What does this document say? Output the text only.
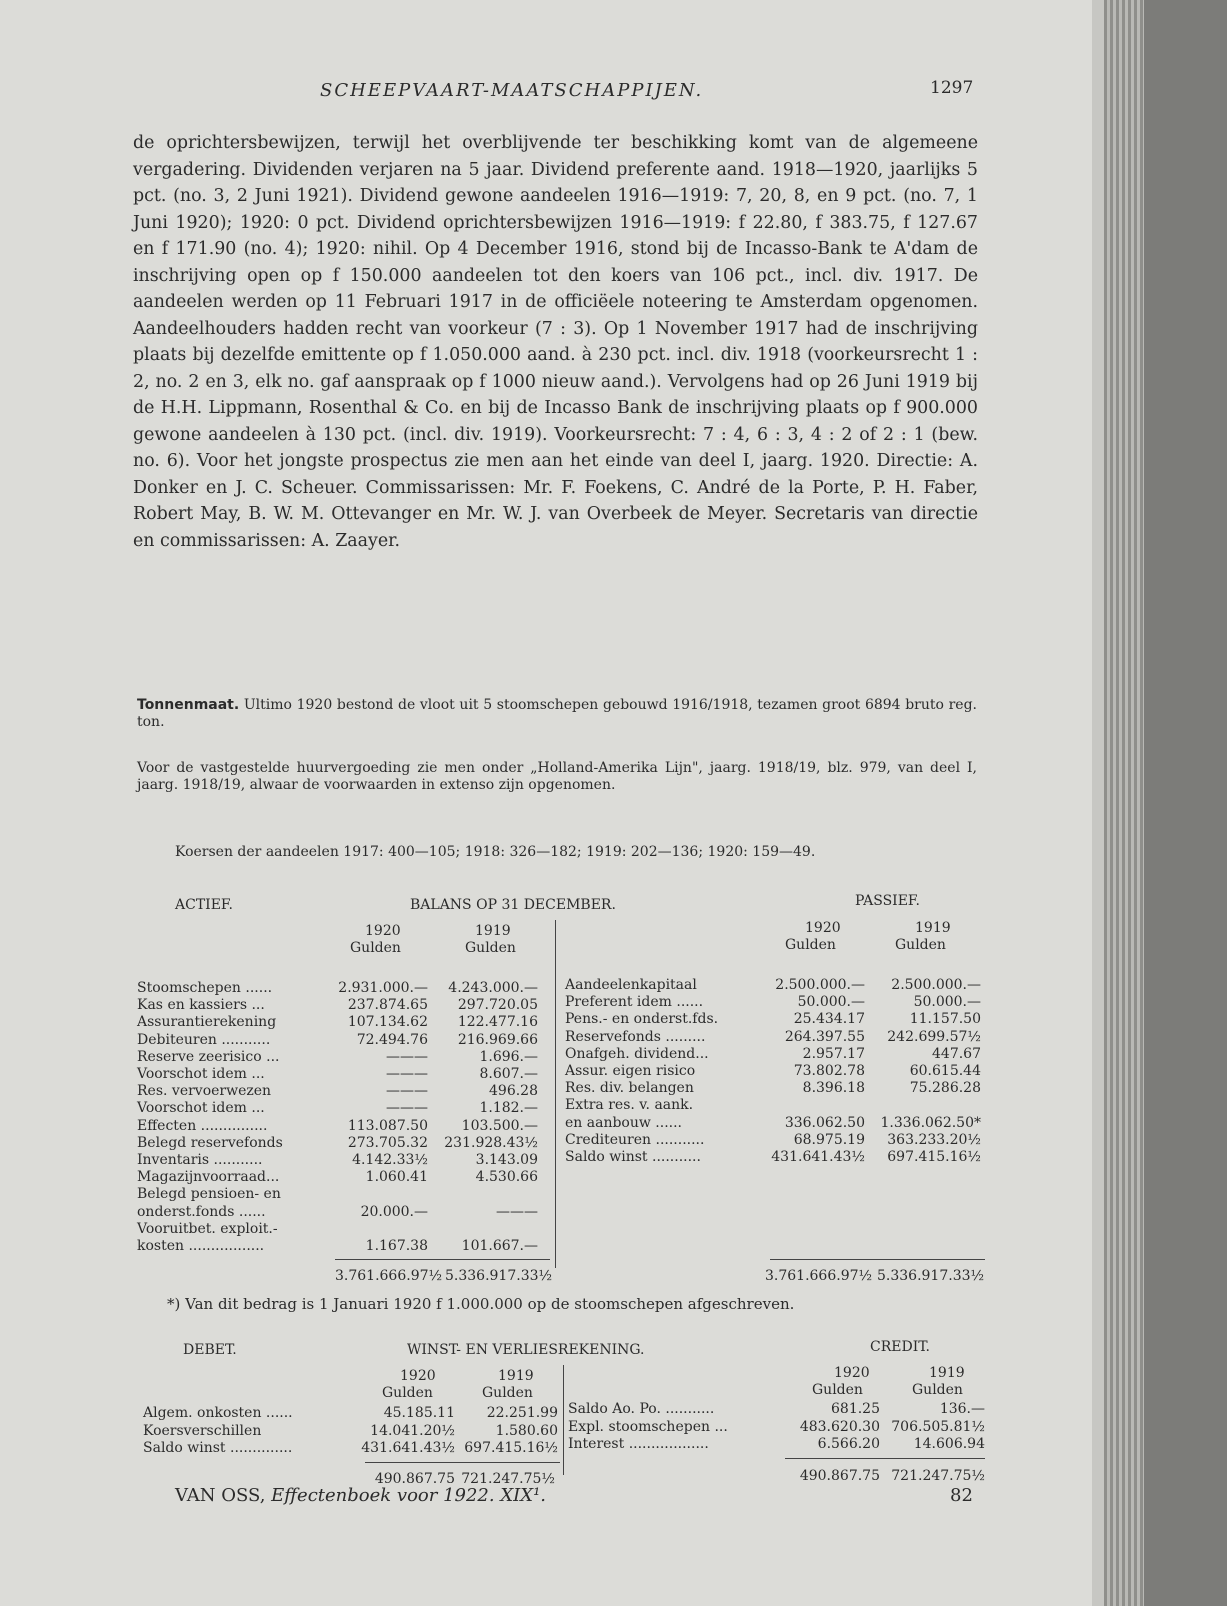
SCHEEPVAART-MAATSCHAPPIJEN.	1297

de oprichtersbewijzen, terwijl het overblijvende ter beschikking komt van de algemeene vergadering. Dividenden verjaren na 5 jaar. Dividend preferente aand. 1918—1920, jaarlijks 5 pct. (no. 3, 2 Juni 1921). Dividend gewone aandeelen 1916—1919: 7, 20, 8, en 9 pct. (no. 7, 1 Juni 1920); 1920: 0 pct. Dividend oprichtersbewijzen 1916—1919: f 22.80, f 383.75, f 127.67 en f 171.90 (no. 4); 1920: nihil. Op 4 December 1916, stond bij de Incasso-Bank te A'dam de inschrijving open op f 150.000 aandeelen tot den koers van 106 pct., incl. div. 1917. De aandeelen werden op 11 Februari 1917 in de officiëele noteering te Amsterdam opgenomen. Aandeelhouders hadden recht van voorkeur (7 : 3). Op 1 November 1917 had de inschrijving plaats bij dezelfde emittente op f 1.050.000 aand. à 230 pct. incl. div. 1918 (voorkeursrecht 1 : 2, no. 2 en 3, elk no. gaf aanspraak op f 1000 nieuw aand.). Vervolgens had op 26 Juni 1919 bij de H.H. Lippmann, Rosenthal & Co. en bij de Incasso Bank de inschrijving plaats op f 900.000 gewone aandeelen à 130 pct. (incl. div. 1919). Voorkeursrecht: 7 : 4, 6 : 3, 4 : 2 of 2 : 1 (bew. no. 6). Voor het jongste prospectus zie men aan het einde van deel I, jaarg. 1920. Directie: A. Donker en J. C. Scheuer. Commissarissen: Mr. F. Foekens, C. André de la Porte, P. H. Faber, Robert May, B. W. M. Ottevanger en Mr. W. J. van Overbeek de Meyer. Secretaris van directie en commissarissen: A. Zaayer.

Tonnenmaat. Ultimo 1920 bestond de vloot uit 5 stoomschepen gebouwd 1916/1918, tezamen groot 6894 bruto reg. ton.

Voor de vastgestelde huurvergoeding zie men onder „Holland-Amerika Lijn", jaarg. 1918/19, blz. 979, van deel I, jaarg. 1918/19, alwaar de voorwaarden in extenso zijn opgenomen.

Koersen der aandeelen 1917: 400—105; 1918: 326—182; 1919: 202—136; 1920: 159—49.

ACTIEF.	BALANS OP 31 DECEMBER.	PASSIEF.
1920	1919
Gulden	Gulden
1920	1919
Gulden	Gulden
Stoomschepen ......	2.931.000.—	4.243.000.—
Kas en kassiers ...	237.874.65	297.720.05
Assurantierekening	107.134.62	122.477.16
Debiteuren ...........	72.494.76	216.969.66
Reserve zeerisico ...	———	1.696.—
Voorschot idem ...	———	8.607.—
Res. vervoerwezen	———	496.28
Voorschot idem ...	———	1.182.—
Effecten ...............	113.087.50	103.500.—
Belegd reservefonds	273.705.32	231.928.43½
Inventaris ...........	4.142.33½	3.143.09
Magazijnvoorraad...	1.060.41	4.530.66
Belegd pensioen- en
onderst.fonds ......	20.000.—	———
Vooruitbet. exploit.-
kosten .................	1.167.38	101.667.—
Aandeelenkapitaal	2.500.000.—	2.500.000.—
Preferent idem ......	50.000.—	50.000.—
Pens.- en onderst.fds.	25.434.17	11.157.50
Reservefonds .........	264.397.55	242.699.57½
Onafgeh. dividend...	2.957.17	447.67
Assur. eigen risico	73.802.78	60.615.44
Res. div. belangen	8.396.18	75.286.28
Extra res. v. aank.
en aanbouw ......	336.062.50	1.336.062.50*
Crediteuren ...........	68.975.19	363.233.20½
Saldo winst ...........	431.641.43½	697.415.16½
3.761.666.97½ 5.336.917.33½	3.761.666.97½ 5.336.917.33½
*) Van dit bedrag is 1 Januari 1920 f 1.000.000 op de stoomschepen afgeschreven.
DEBET.	WINST- EN VERLIESREKENING.	CREDIT.
1920	1919
Gulden	Gulden
1920	1919
Gulden	Gulden
Algem. onkosten ......	45.185.11	22.251.99
Koersverschillen	14.041.20½	1.580.60
Saldo winst ..............	431.641.43½ 697.415.16½
Saldo Ao. Po. ...........	681.25	136.—
Expl. stoomschepen ...	483.620.30 706.505.81½
Interest ..................	6.566.20	14.606.94
490.867.75 721.247.75½	490.867.75 721.247.75½
VAN OSS, Effectenboek voor 1922. XIX¹.	82
